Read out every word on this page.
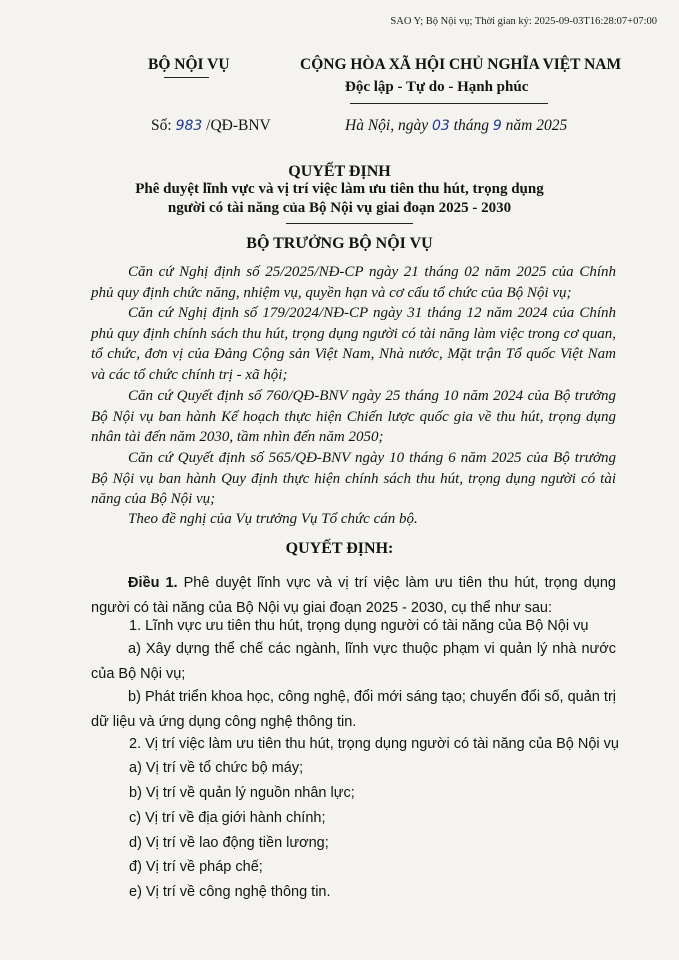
SAO Y; Bộ Nội vụ; Thời gian ký: 2025-09-03T16:28:07+07:00
BỘ NỘI VỤ	CỘNG HÒA XÃ HỘI CHỦ NGHĨA VIỆT NAM
Độc lập - Tự do - Hạnh phúc
Số: 983 /QĐ-BNV	Hà Nội, ngày 03 tháng 9 năm 2025
QUYẾT ĐỊNH
Phê duyệt lĩnh vực và vị trí việc làm ưu tiên thu hút, trọng dụng
người có tài năng của Bộ Nội vụ giai đoạn 2025 - 2030
BỘ TRƯỞNG BỘ NỘI VỤ
Căn cứ Nghị định số 25/2025/NĐ-CP ngày 21 tháng 02 năm 2025 của Chính phủ quy định chức năng, nhiệm vụ, quyền hạn và cơ cấu tổ chức của Bộ Nội vụ;
Căn cứ Nghị định số 179/2024/NĐ-CP ngày 31 tháng 12 năm 2024 của Chính phủ quy định chính sách thu hút, trọng dụng người có tài năng làm việc trong cơ quan, tổ chức, đơn vị của Đảng Cộng sản Việt Nam, Nhà nước, Mặt trận Tổ quốc Việt Nam và các tổ chức chính trị - xã hội;
Căn cứ Quyết định số 760/QĐ-BNV ngày 25 tháng 10 năm 2024 của Bộ trưởng Bộ Nội vụ ban hành Kế hoạch thực hiện Chiến lược quốc gia về thu hút, trọng dụng nhân tài đến năm 2030, tầm nhìn đến năm 2050;
Căn cứ Quyết định số 565/QĐ-BNV ngày 10 tháng 6 năm 2025 của Bộ trưởng Bộ Nội vụ ban hành Quy định thực hiện chính sách thu hút, trọng dụng người có tài năng của Bộ Nội vụ;
Theo đề nghị của Vụ trưởng Vụ Tổ chức cán bộ.
QUYẾT ĐỊNH:
Điều 1. Phê duyệt lĩnh vực và vị trí việc làm ưu tiên thu hút, trọng dụng người có tài năng của Bộ Nội vụ giai đoạn 2025 - 2030, cụ thể như sau:
1. Lĩnh vực ưu tiên thu hút, trọng dụng người có tài năng của Bộ Nội vụ
a) Xây dựng thể chế các ngành, lĩnh vực thuộc phạm vi quản lý nhà nước của Bộ Nội vụ;
b) Phát triển khoa học, công nghệ, đổi mới sáng tạo; chuyển đổi số, quản trị dữ liệu và ứng dụng công nghệ thông tin.
2. Vị trí việc làm ưu tiên thu hút, trọng dụng người có tài năng của Bộ Nội vụ
a) Vị trí về tổ chức bộ máy;
b) Vị trí về quản lý nguồn nhân lực;
c) Vị trí về địa giới hành chính;
d) Vị trí về lao động tiền lương;
đ) Vị trí về pháp chế;
e) Vị trí về công nghệ thông tin.
